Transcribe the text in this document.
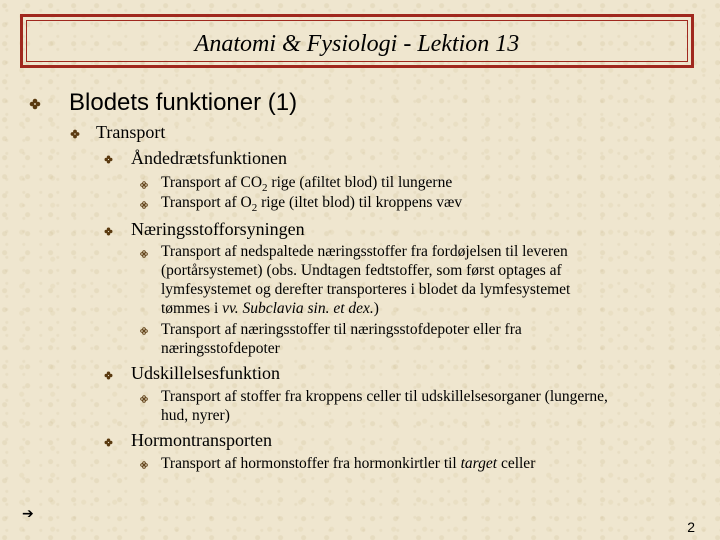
Anatomi & Fysiologi - Lektion 13
Blodets funktioner (1)
Transport
Åndedrætsfunktionen
Transport af $CO_2$ rige (afiltet blod) til lungerne
Transport af $O_2$ rige (iltet blod) til kroppens væv
Næringsstofforsyningen
Transport af nedspaltede næringsstoffer fra fordøjelsen til leveren
(portårsystemet) (obs. Undtagen fedtstoffer, som først optages af
lymfesystemet og derefter transporteres i blodet da lymfesystemet
tømmes i vv. Subclavia sin. et dex.)
Transport af næringsstoffer til næringsstofdepoter eller fra
næringsstofdepoter
Udskillelsesfunktion
Transport af stoffer fra kroppens celler til udskillelsesorganer (lungerne,
hud, nyrer)
Hormontransporten
Transport af hormonstoffer fra hormonkirtler til target celler
➔
2
